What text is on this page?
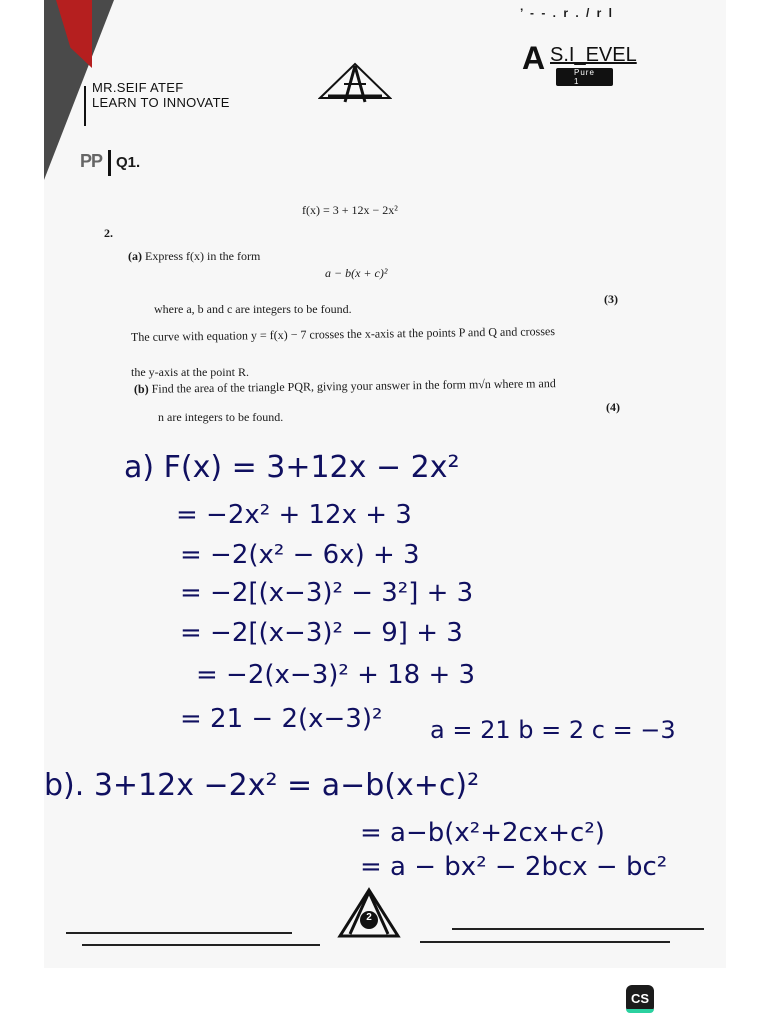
’ - - . r . / r l
MR.SEIF ATEF
LEARN TO INNOVATE
A S.I_EVEL
Pure 1
PP Q1.
f(x) = 3 + 12x − 2x²
2.
(a) Express f(x) in the form
a − b(x + c)²
where a, b and c are integers to be found.
(3)
The curve with equation y = f(x) − 7 crosses the x-axis at the points P and Q and crosses
the y-axis at the point R.
(b) Find the area of the triangle PQR, giving your answer in the form m√n where m and
n are integers to be found.
(4)
a) F(x) = 3+12x − 2x²
= −2x² + 12x + 3
= −2(x² − 6x) + 3
= −2[(x−3)² − 3²] + 3
= −2[(x−3)² − 9] + 3
= −2(x−3)² + 18 + 3
= 21 − 2(x−3)² a = 21 b = 2 c = −3
b). 3+12x −2x² = a−b(x+c)²
= a−b(x²+2cx+c²)
= a − bx² − 2bcx − bc²
2
CS
